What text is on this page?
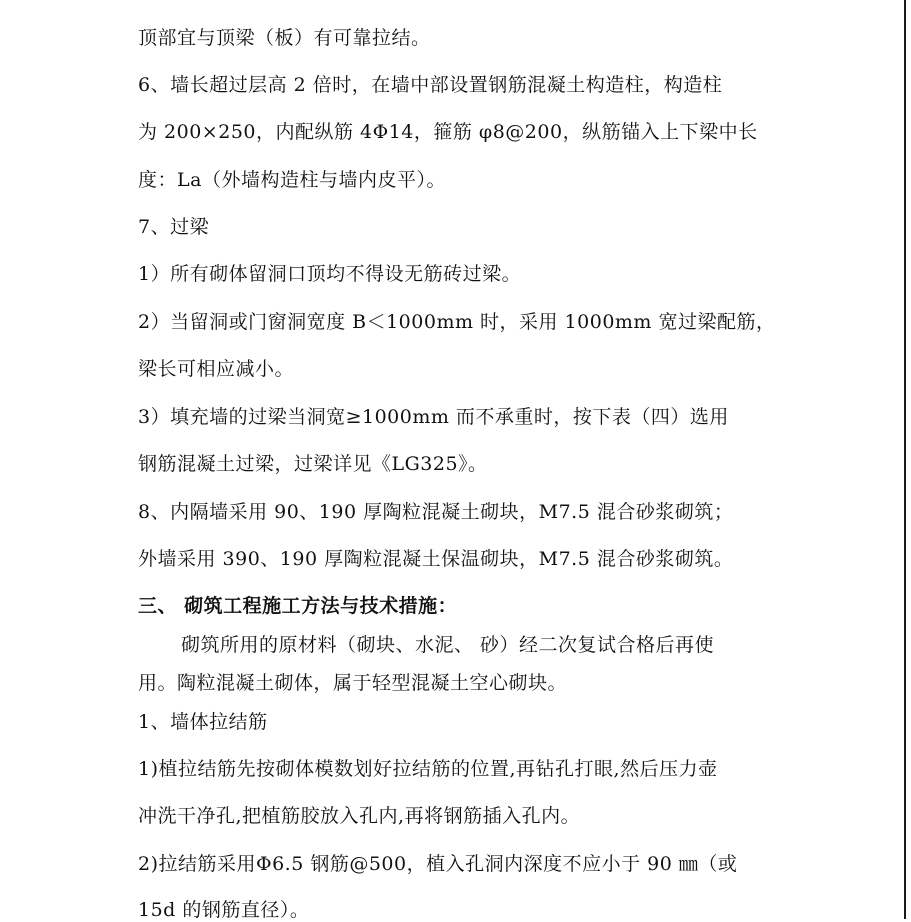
顶部宜与顶梁（板）有可靠拉结。
6、墙长超过层高 2 倍时，在墙中部设置钢筋混凝土构造柱，构造柱
为 200×250，内配纵筋 4Φ14，箍筋 φ8@200，纵筋锚入上下梁中长
度：La（外墙构造柱与墙内皮平）。
7、过梁
1）所有砌体留洞口顶均不得设无筋砖过梁。
2）当留洞或门窗洞宽度 B＜1000mm 时，采用 1000mm 宽过梁配筋，
梁长可相应减小。
3）填充墙的过梁当洞宽≥1000mm 而不承重时，按下表（四）选用
钢筋混凝土过梁，过梁详见《LG325》。
8、内隔墙采用 90、190 厚陶粒混凝土砌块，M7.5 混合砂浆砌筑；
外墙采用 390、190 厚陶粒混凝土保温砌块，M7.5 混合砂浆砌筑。
三、 砌筑工程施工方法与技术措施：
砌筑所用的原材料（砌块、水泥、 砂）经二次复试合格后再使
用。陶粒混凝土砌体，属于轻型混凝土空心砌块。
1、墙体拉结筋
1)植拉结筋先按砌体模数划好拉结筋的位置,再钻孔打眼,然后压力壶
冲洗干净孔,把植筋胶放入孔内,再将钢筋插入孔内。
2)拉结筋采用Φ6.5 钢筋@500，植入孔洞内深度不应小于 90 ㎜（或
15d 的钢筋直径）。
